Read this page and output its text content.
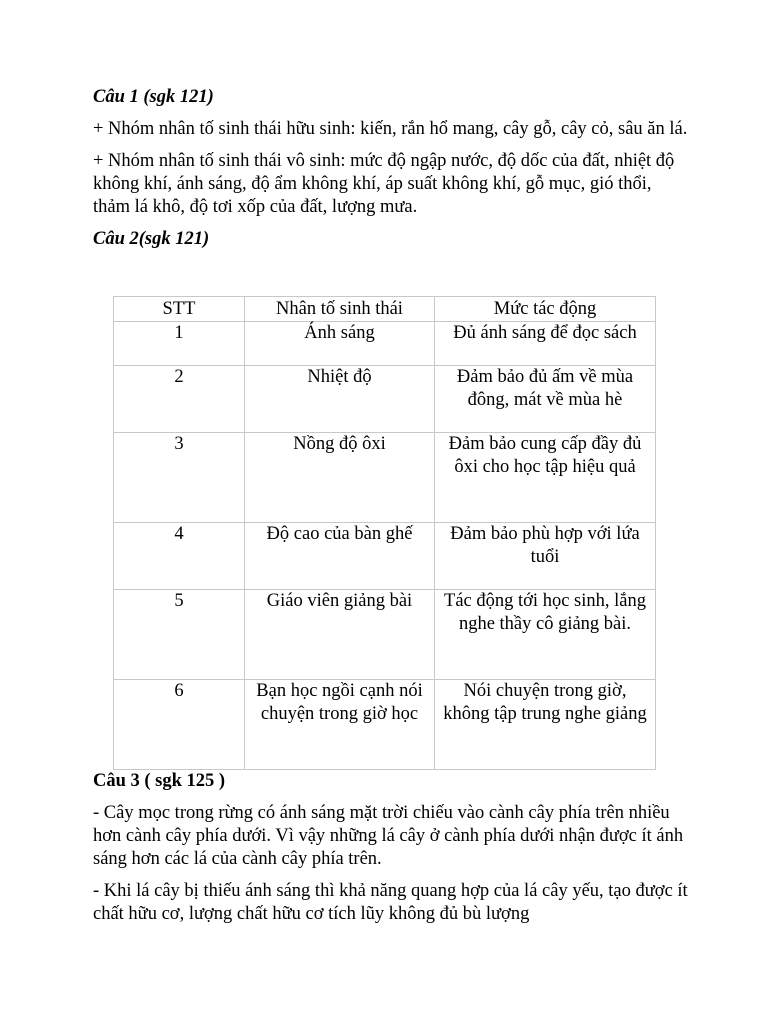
Câu 1 (sgk 121)

+ Nhóm nhân tố sinh thái hữu sinh: kiến, rắn hổ mang, cây gỗ, cây cỏ, sâu ăn lá.

+ Nhóm nhân tố sinh thái vô sinh: mức độ ngập nước, độ dốc của đất, nhiệt độ không khí, ánh sáng, độ ẩm không khí, áp suất không khí, gỗ mục, gió thổi, thảm lá khô, độ tơi xốp của đất, lượng mưa.

Câu 2(sgk 121)

STT	Nhân tố sinh thái	Mức tác động
1	Ánh sáng	Đủ ánh sáng để đọc sách
2	Nhiệt độ	Đảm bảo đủ ấm về mùa đông, mát về mùa hè
3	Nồng độ ôxi	Đảm bảo cung cấp đầy đủ ôxi cho học tập hiệu quả
4	Độ cao của bàn ghế	Đảm bảo phù hợp với lứa tuổi
5	Giáo viên giảng bài	Tác động tới học sinh, lắng nghe thầy cô giảng bài.
6	Bạn học ngồi cạnh nói chuyện trong giờ học	Nói chuyện trong giờ, không tập trung nghe giảng

Câu 3 ( sgk 125 )

- Cây mọc trong rừng có ánh sáng mặt trời chiếu vào cành cây phía trên nhiều hơn cành cây phía dưới. Vì vậy những lá cây ở cành phía dưới nhận được ít ánh sáng hơn các lá của cành cây phía trên.

- Khi lá cây bị thiếu ánh sáng thì khả năng quang hợp của lá cây yếu, tạo được ít chất hữu cơ, lượng chất hữu cơ tích lũy không đủ bù lượng
